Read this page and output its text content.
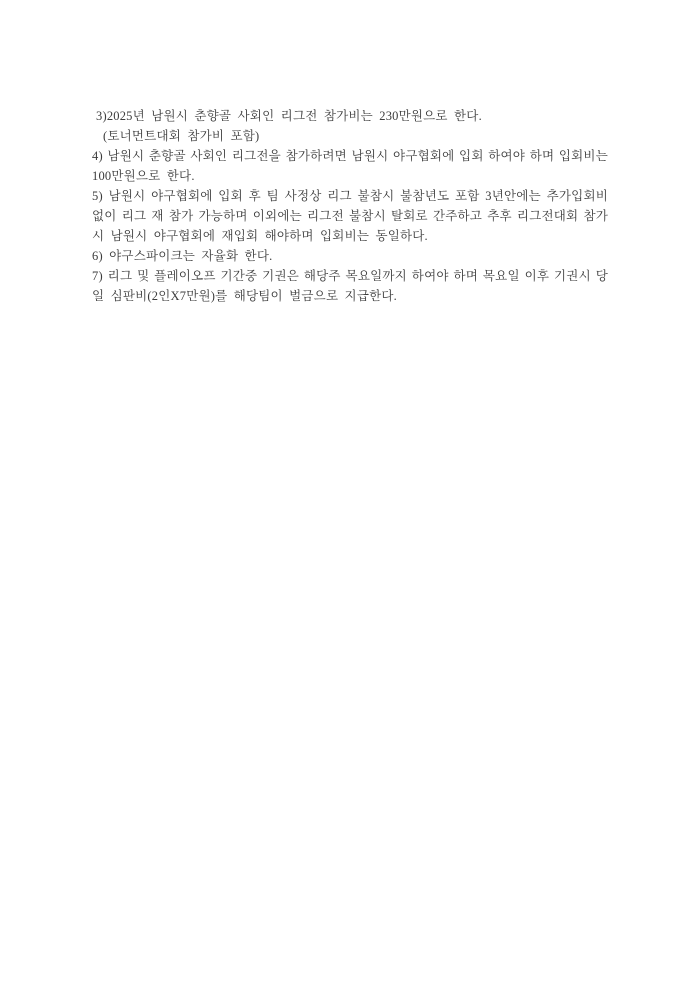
3)2025년 남원시 춘향골 사회인 리그전 참가비는 230만원으로 한다.
(토너먼트대회 참가비 포함)
4) 남원시 춘향골 사회인 리그전을 참가하려면 남원시 야구협회에 입회 하여야 하며 입회비는
100만원으로 한다.
5) 남원시 야구협회에 입회 후 팀 사정상 리그 불참시 불참년도 포함 3년안에는 추가입회비
없이 리그 재 참가 가능하며 이외에는 리그전 불참시 탈회로 간주하고 추후 리그전대회 참가
시 남원시 야구협회에 재입회 해야하며 입회비는 동일하다.
6) 야구스파이크는 자율화 한다.
7) 리그 및 플레이오프 기간중 기권은 해당주 목요일까지 하여야 하며 목요일 이후 기권시 당
일 심판비(2인X7만원)를 해당팀이 벌금으로 지급한다.
